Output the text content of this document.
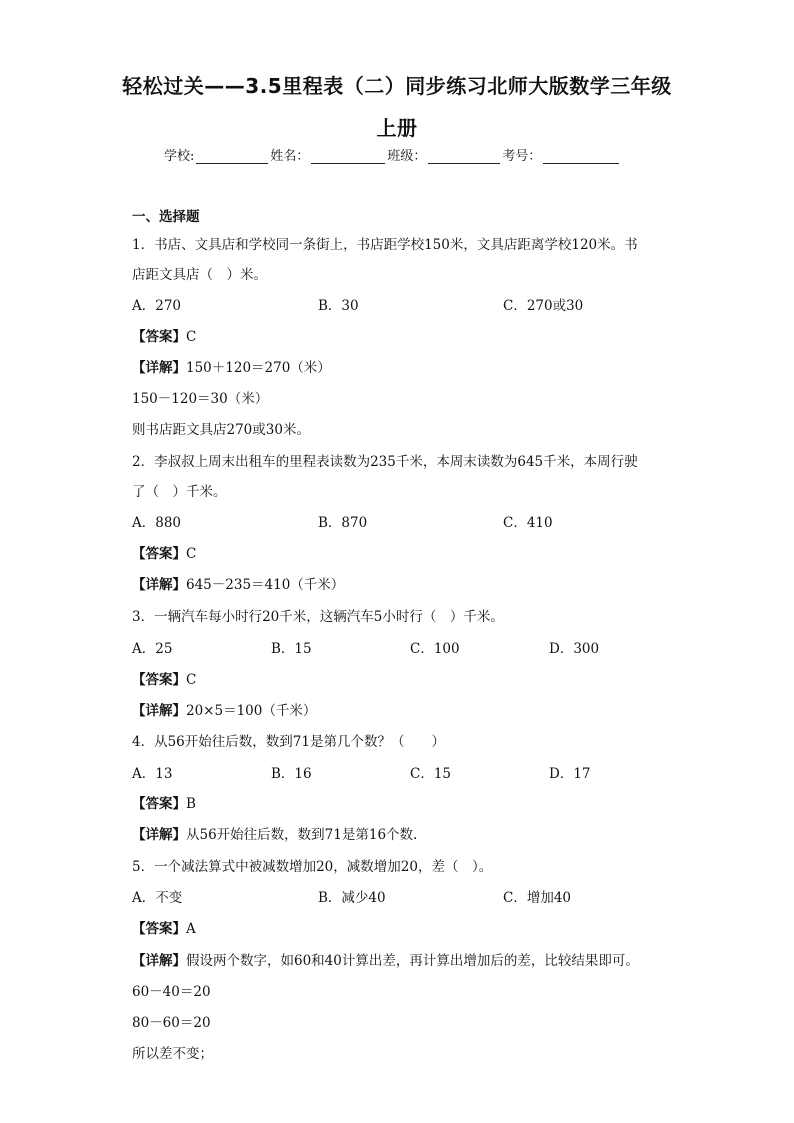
轻松过关——3.5里程表（二）同步练习北师大版数学三年级
上册
学校:	姓名：	班级：	考号：
一、选择题
1．书店、文具店和学校同一条街上，书店距学校150米，文具店距离学校120米。书
店距文具店（　）米。
A．270	B．30	C．270或30
【答案】C
【详解】150＋120＝270（米）
150－120＝30（米）
则书店距文具店270或30米。
2．李叔叔上周末出租车的里程表读数为235千米，本周末读数为645千米，本周行驶
了（　）千米。
A．880	B．870	C．410
【答案】C
【详解】645－235＝410（千米）
3．一辆汽车每小时行20千米，这辆汽车5小时行（　）千米。
A．25	B．15	C．100	D．300
【答案】C
【详解】20×5＝100（千米）
4．从56开始往后数，数到71是第几个数？（　　）
A．13	B．16	C．15	D．17
【答案】B
【详解】从56开始往后数，数到71是第16个数.
5．一个减法算式中被减数增加20，减数增加20，差（　）。
A．不变	B．减少40	C．增加40
【答案】A
【详解】假设两个数字，如60和40计算出差，再计算出增加后的差，比较结果即可。
60－40＝20
80－60＝20
所以差不变；
